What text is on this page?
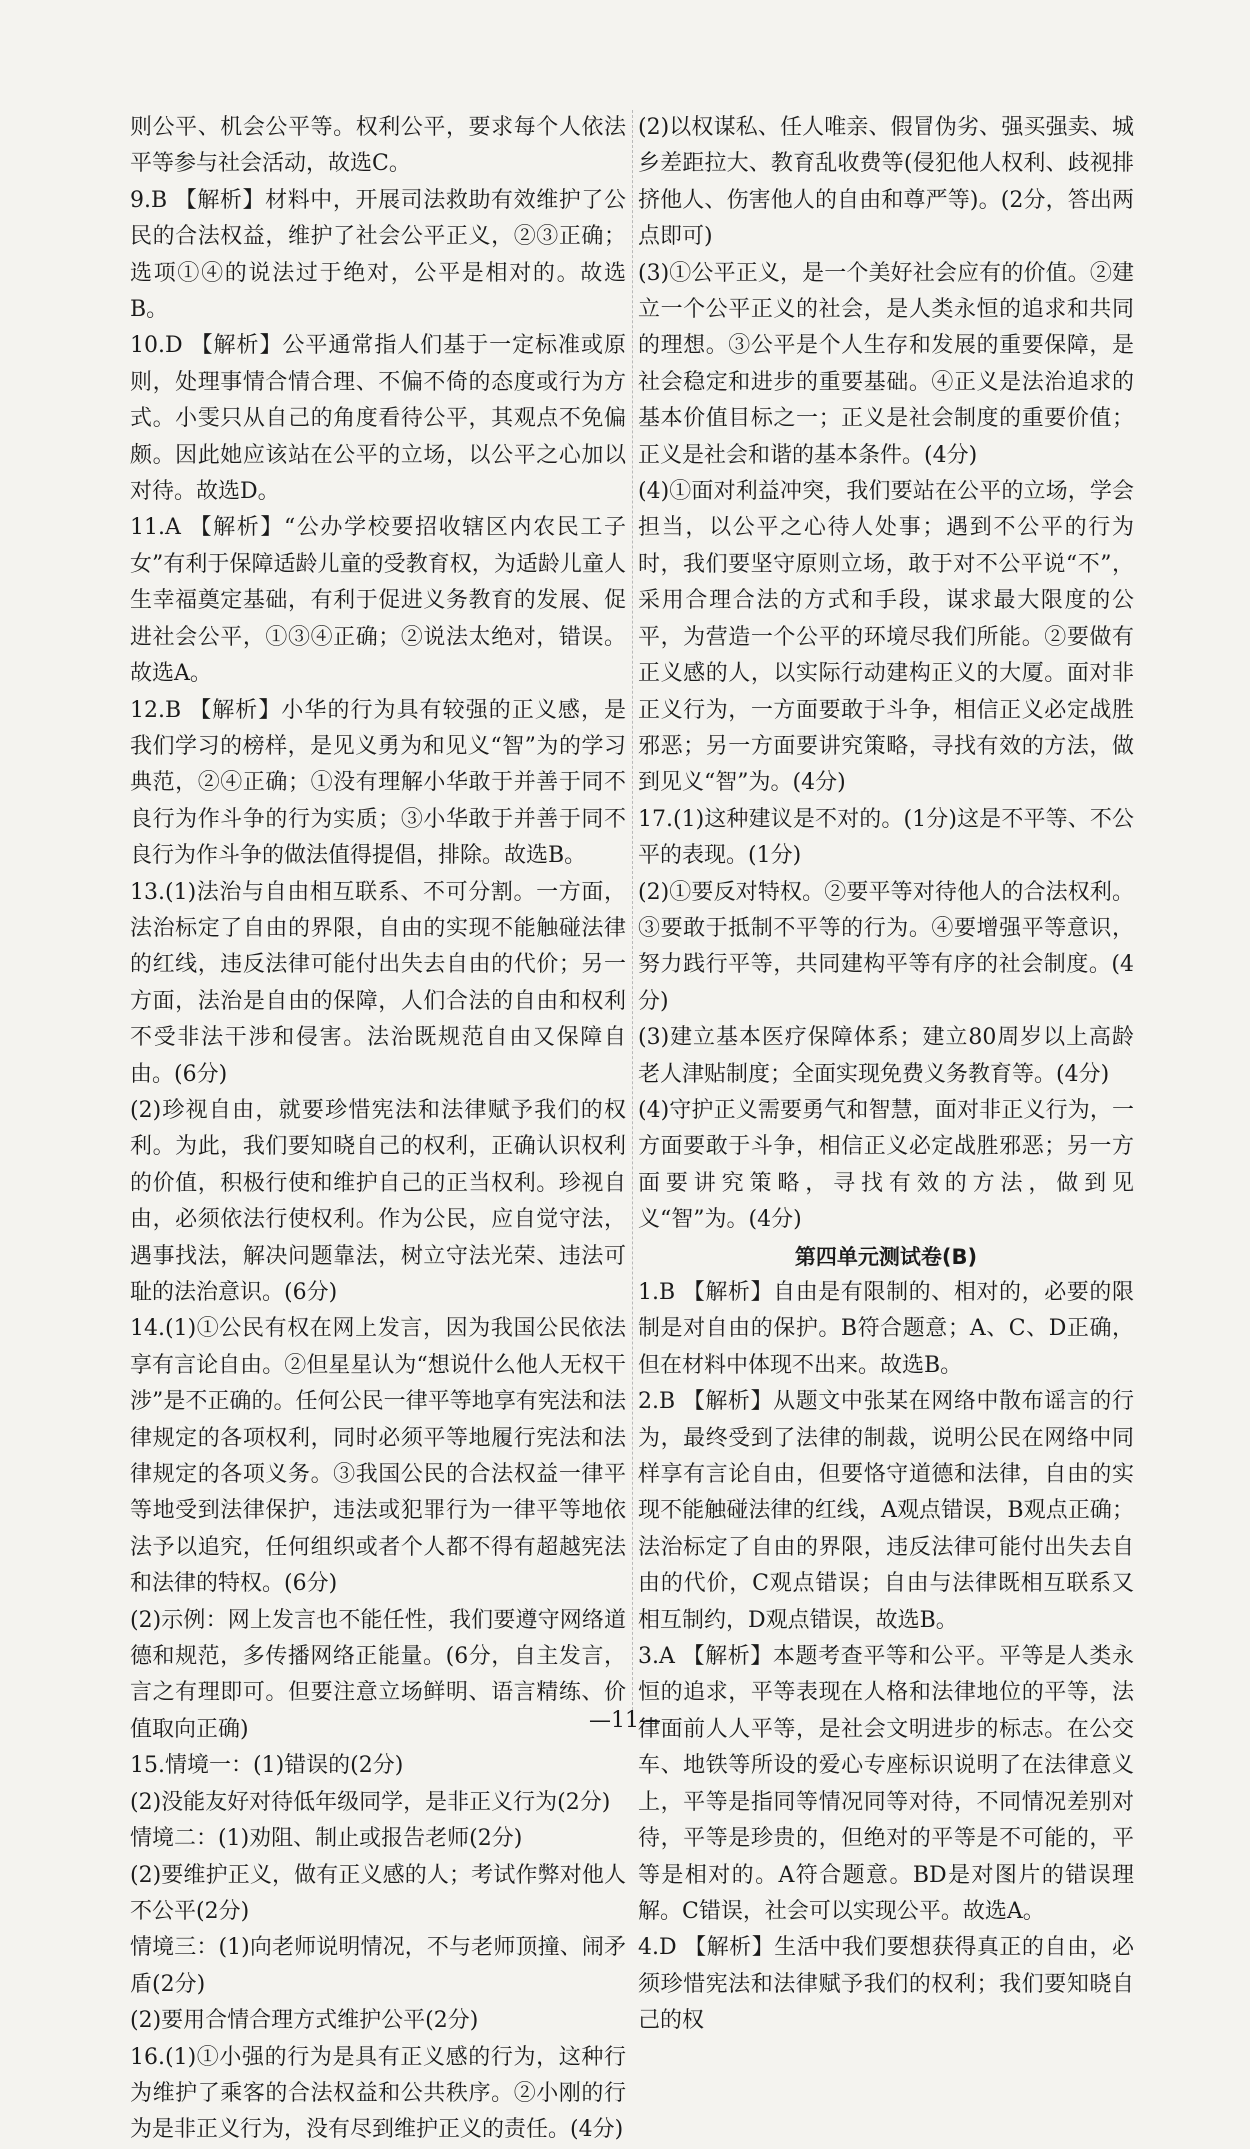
则公平、机会公平等。权利公平，要求每个人依法平等参与社会活动，故选C。

9.B 【解析】材料中，开展司法救助有效维护了公民的合法权益，维护了社会公平正义，②③正确；选项①④的说法过于绝对，公平是相对的。故选B。

10.D 【解析】公平通常指人们基于一定标准或原则，处理事情合情合理、不偏不倚的态度或行为方式。小雯只从自己的角度看待公平，其观点不免偏颇。因此她应该站在公平的立场，以公平之心加以对待。故选D。

11.A 【解析】“公办学校要招收辖区内农民工子女”有利于保障适龄儿童的受教育权，为适龄儿童人生幸福奠定基础，有利于促进义务教育的发展、促进社会公平，①③④正确；②说法太绝对，错误。故选A。

12.B 【解析】小华的行为具有较强的正义感，是我们学习的榜样，是见义勇为和见义“智”为的学习典范，②④正确；①没有理解小华敢于并善于同不良行为作斗争的行为实质；③小华敢于并善于同不良行为作斗争的做法值得提倡，排除。故选B。

13.(1)法治与自由相互联系、不可分割。一方面，法治标定了自由的界限，自由的实现不能触碰法律的红线，违反法律可能付出失去自由的代价；另一方面，法治是自由的保障，人们合法的自由和权利不受非法干涉和侵害。法治既规范自由又保障自由。(6分)

(2)珍视自由，就要珍惜宪法和法律赋予我们的权利。为此，我们要知晓自己的权利，正确认识权利的价值，积极行使和维护自己的正当权利。珍视自由，必须依法行使权利。作为公民，应自觉守法，遇事找法，解决问题靠法，树立守法光荣、违法可耻的法治意识。(6分)

14.(1)①公民有权在网上发言，因为我国公民依法享有言论自由。②但星星认为“想说什么他人无权干涉”是不正确的。任何公民一律平等地享有宪法和法律规定的各项权利，同时必须平等地履行宪法和法律规定的各项义务。③我国公民的合法权益一律平等地受到法律保护，违法或犯罪行为一律平等地依法予以追究，任何组织或者个人都不得有超越宪法和法律的特权。(6分)

(2)示例：网上发言也不能任性，我们要遵守网络道德和规范，多传播网络正能量。(6分，自主发言，言之有理即可。但要注意立场鲜明、语言精练、价值取向正确)

15.情境一：(1)错误的(2分)

(2)没能友好对待低年级同学，是非正义行为(2分)

情境二：(1)劝阻、制止或报告老师(2分)

(2)要维护正义，做有正义感的人；考试作弊对他人不公平(2分)

情境三：(1)向老师说明情况，不与老师顶撞、闹矛盾(2分)

(2)要用合情合理方式维护公平(2分)

16.(1)①小强的行为是具有正义感的行为，这种行为维护了乘客的合法权益和公共秩序。②小刚的行为是非正义行为，没有尽到维护正义的责任。(4分)

(2)以权谋私、任人唯亲、假冒伪劣、强买强卖、城乡差距拉大、教育乱收费等(侵犯他人权利、歧视排挤他人、伤害他人的自由和尊严等)。(2分，答出两点即可)

(3)①公平正义，是一个美好社会应有的价值。②建立一个公平正义的社会，是人类永恒的追求和共同的理想。③公平是个人生存和发展的重要保障，是社会稳定和进步的重要基础。④正义是法治追求的基本价值目标之一；正义是社会制度的重要价值；正义是社会和谐的基本条件。(4分)

(4)①面对利益冲突，我们要站在公平的立场，学会担当，以公平之心待人处事；遇到不公平的行为时，我们要坚守原则立场，敢于对不公平说“不”，采用合理合法的方式和手段，谋求最大限度的公平，为营造一个公平的环境尽我们所能。②要做有正义感的人，以实际行动建构正义的大厦。面对非正义行为，一方面要敢于斗争，相信正义必定战胜邪恶；另一方面要讲究策略，寻找有效的方法，做到见义“智”为。(4分)

17.(1)这种建议是不对的。(1分)这是不平等、不公平的表现。(1分)

(2)①要反对特权。②要平等对待他人的合法权利。③要敢于抵制不平等的行为。④要增强平等意识，努力践行平等，共同建构平等有序的社会制度。(4分)

(3)建立基本医疗保障体系；建立80周岁以上高龄老人津贴制度；全面实现免费义务教育等。(4分)

(4)守护正义需要勇气和智慧，面对非正义行为，一方面要敢于斗争，相信正义必定战胜邪恶；另一方面要讲究策略，寻找有效的方法，做到见义“智”为。(4分)

第四单元测试卷(B)

1.B 【解析】自由是有限制的、相对的，必要的限制是对自由的保护。B符合题意；A、C、D正确，但在材料中体现不出来。故选B。

2.B 【解析】从题文中张某在网络中散布谣言的行为，最终受到了法律的制裁，说明公民在网络中同样享有言论自由，但要恪守道德和法律，自由的实现不能触碰法律的红线，A观点错误，B观点正确；法治标定了自由的界限，违反法律可能付出失去自由的代价，C观点错误；自由与法律既相互联系又相互制约，D观点错误，故选B。

3.A 【解析】本题考查平等和公平。平等是人类永恒的追求，平等表现在人格和法律地位的平等，法律面前人人平等，是社会文明进步的标志。在公交车、地铁等所设的爱心专座标识说明了在法律意义上，平等是指同等情况同等对待，不同情况差别对待，平等是珍贵的，但绝对的平等是不可能的，平等是相对的。A符合题意。BD是对图片的错误理解。C错误，社会可以实现公平。故选A。

4.D 【解析】生活中我们要想获得真正的自由，必须珍惜宪法和法律赋予我们的权利；我们要知晓自己的权

—11—
